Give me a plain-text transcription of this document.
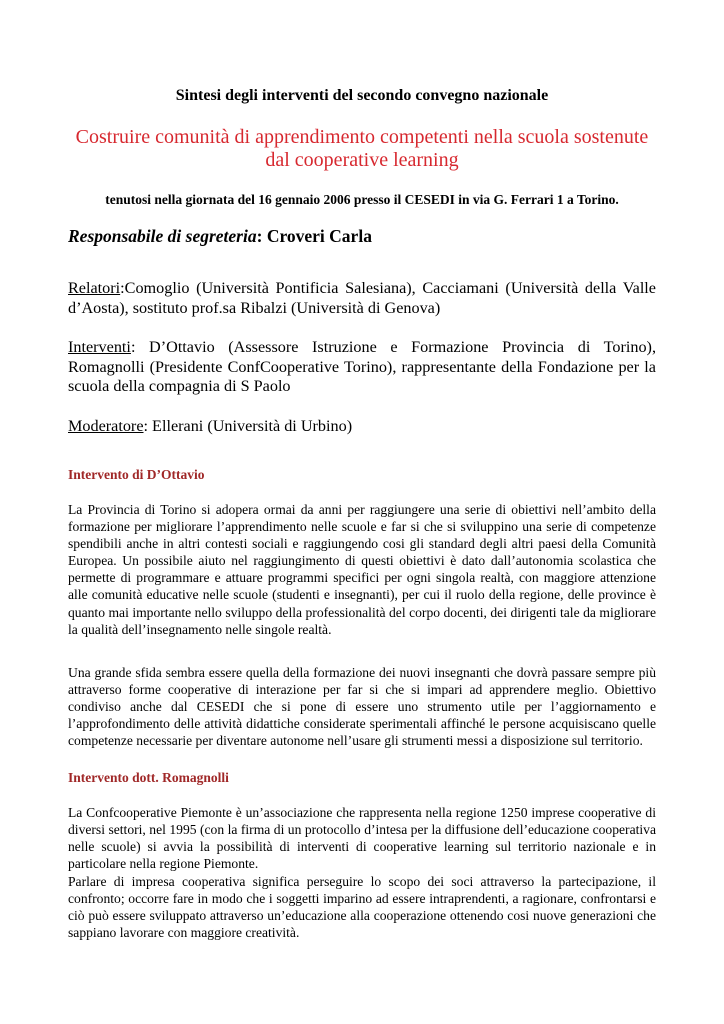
Sintesi degli interventi del secondo convegno nazionale
Costruire comunità di apprendimento competenti nella scuola sostenute dal cooperative learning
tenutosi nella giornata del 16 gennaio 2006 presso il CESEDI in via G. Ferrari 1 a Torino.
Responsabile di segreteria: Croveri Carla
Relatori:Comoglio (Università Pontificia Salesiana), Cacciamani (Università della Valle d’Aosta), sostituto prof.sa Ribalzi (Università di Genova)
Interventi: D’Ottavio (Assessore Istruzione e Formazione Provincia di Torino), Romagnolli (Presidente ConfCooperative Torino), rappresentante della Fondazione per la scuola della compagnia di S Paolo
Moderatore: Ellerani (Università di Urbino)
Intervento di D’Ottavio
La Provincia di Torino si adopera ormai da anni per raggiungere una serie di obiettivi nell’ambito della formazione per migliorare l’apprendimento nelle scuole e far si che si sviluppino una serie di competenze spendibili anche in altri contesti sociali e raggiungendo cosi gli standard degli altri paesi della Comunità Europea. Un possibile aiuto nel raggiungimento di questi obiettivi è dato dall’autonomia scolastica che permette di programmare e attuare programmi specifici per ogni singola realtà, con maggiore attenzione alle comunità educative nelle scuole (studenti e insegnanti), per cui il ruolo della regione, delle province è quanto mai importante nello sviluppo della professionalità del corpo docenti, dei dirigenti tale da migliorare la qualità dell’insegnamento nelle singole realtà.
Una grande sfida sembra essere quella della formazione dei nuovi insegnanti che dovrà passare sempre più attraverso forme cooperative di interazione per far si che si impari ad apprendere meglio. Obiettivo condiviso anche dal CESEDI che si pone di essere uno strumento utile per l’aggiornamento e l’approfondimento delle attività didattiche considerate sperimentali affinché le persone acquisiscano quelle competenze necessarie per diventare autonome nell’usare gli strumenti messi a disposizione sul territorio.
Intervento dott. Romagnolli
La Confcooperative Piemonte è un’associazione che rappresenta nella regione 1250 imprese cooperative di diversi settori, nel 1995 (con la firma di un protocollo d’intesa per la diffusione dell’educazione cooperativa nelle scuole) si avvia la possibilità di interventi di cooperative learning sul territorio nazionale e in particolare nella regione Piemonte.
Parlare di impresa cooperativa significa perseguire lo scopo dei soci attraverso la partecipazione, il confronto; occorre fare in modo che i soggetti imparino ad essere intraprendenti, a ragionare, confrontarsi e ciò può essere sviluppato attraverso un’educazione alla cooperazione ottenendo cosi nuove generazioni che sappiano lavorare con maggiore creatività.
